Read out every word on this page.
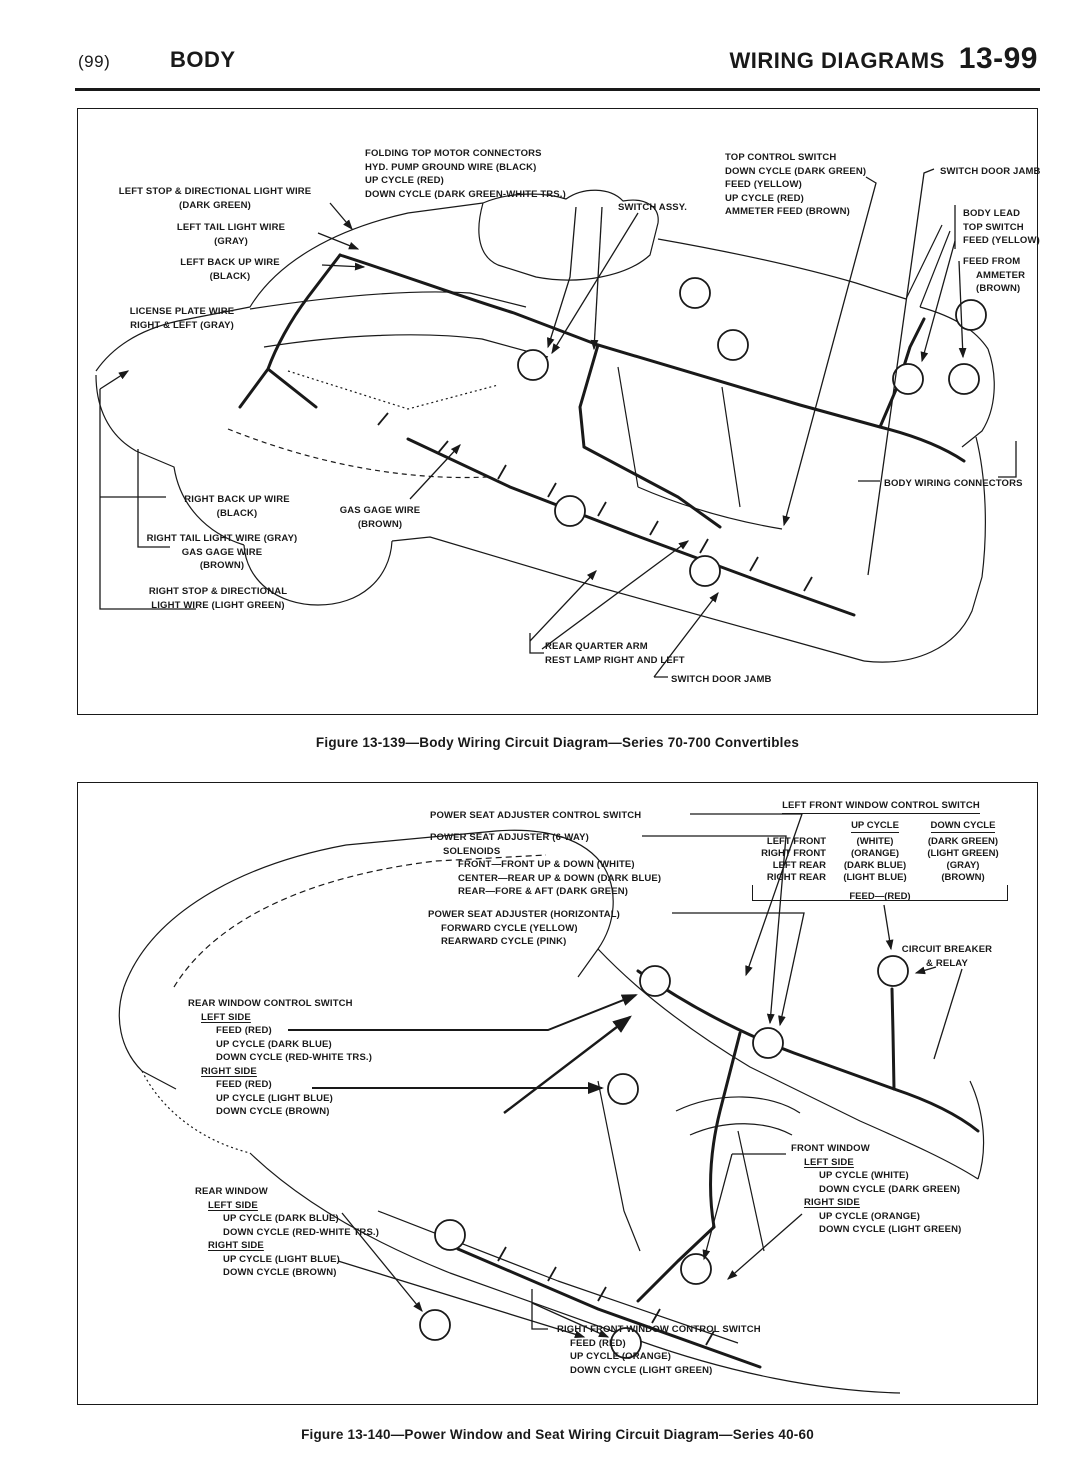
(99)	BODY	WIRING DIAGRAMS 13-99
LEFT STOP & DIRECTIONAL LIGHT WIRE
(DARK GREEN)
LEFT TAIL LIGHT WIRE
(GRAY)
LEFT BACK UP WIRE
(BLACK)
FOLDING TOP MOTOR CONNECTORS
HYD. PUMP GROUND WIRE (BLACK)
UP CYCLE (RED)
DOWN CYCLE (DARK GREEN-WHITE TRS.)
LICENSE PLATE WIRE
RIGHT & LEFT (GRAY)
SWITCH ASSY.
TOP CONTROL SWITCH
DOWN CYCLE (DARK GREEN)
FEED (YELLOW)
UP CYCLE (RED)
AMMETER FEED (BROWN)
SWITCH DOOR JAMB
BODY LEAD
TOP SWITCH
FEED (YELLOW)
FEED FROM
AMMETER
(BROWN)
RIGHT BACK UP WIRE
(BLACK)	GAS GAGE WIRE
(BROWN)
RIGHT TAIL LIGHT WIRE (GRAY)
GAS GAGE WIRE
(BROWN)
RIGHT STOP & DIRECTIONAL
LIGHT WIRE (LIGHT GREEN)
BODY WIRING CONNECTORS
REAR QUARTER ARM
REST LAMP RIGHT AND LEFT
SWITCH DOOR JAMB
Figure 13-139—Body Wiring Circuit Diagram—Series 70-700 Convertibles
LEFT FRONT WINDOW CONTROL SWITCH
UP CYCLE	DOWN CYCLE
LEFT FRONT	(WHITE)	(DARK GREEN)
RIGHT FRONT	(ORANGE)	(LIGHT GREEN)
LEFT REAR	(DARK BLUE)	(GRAY)
RIGHT REAR	(LIGHT BLUE)	(BROWN)
FEED—(RED)
POWER SEAT ADJUSTER CONTROL SWITCH
POWER SEAT ADJUSTER (6-WAY)
SOLENOIDS
FRONT—FRONT UP & DOWN (WHITE)
CENTER—REAR UP & DOWN (DARK BLUE)
REAR—FORE & AFT (DARK GREEN)
POWER SEAT ADJUSTER (HORIZONTAL)
FORWARD CYCLE (YELLOW)
REARWARD CYCLE (PINK)
CIRCUIT BREAKER
& RELAY
REAR WINDOW CONTROL SWITCH
LEFT SIDE
FEED (RED)
UP CYCLE (DARK BLUE)
DOWN CYCLE (RED-WHITE TRS.)
RIGHT SIDE
FEED (RED)
UP CYCLE (LIGHT BLUE)
DOWN CYCLE (BROWN)
REAR WINDOW
LEFT SIDE
UP CYCLE (DARK BLUE)
DOWN CYCLE (RED-WHITE TRS.)
RIGHT SIDE
UP CYCLE (LIGHT BLUE)
DOWN CYCLE (BROWN)
FRONT WINDOW
LEFT SIDE
UP CYCLE (WHITE)
DOWN CYCLE (DARK GREEN)
RIGHT SIDE
UP CYCLE (ORANGE)
DOWN CYCLE (LIGHT GREEN)
RIGHT FRONT WINDOW CONTROL SWITCH
FEED (RED)
UP CYCLE (ORANGE)
DOWN CYCLE (LIGHT GREEN)
Figure 13-140—Power Window and Seat Wiring Circuit Diagram—Series 40-60
